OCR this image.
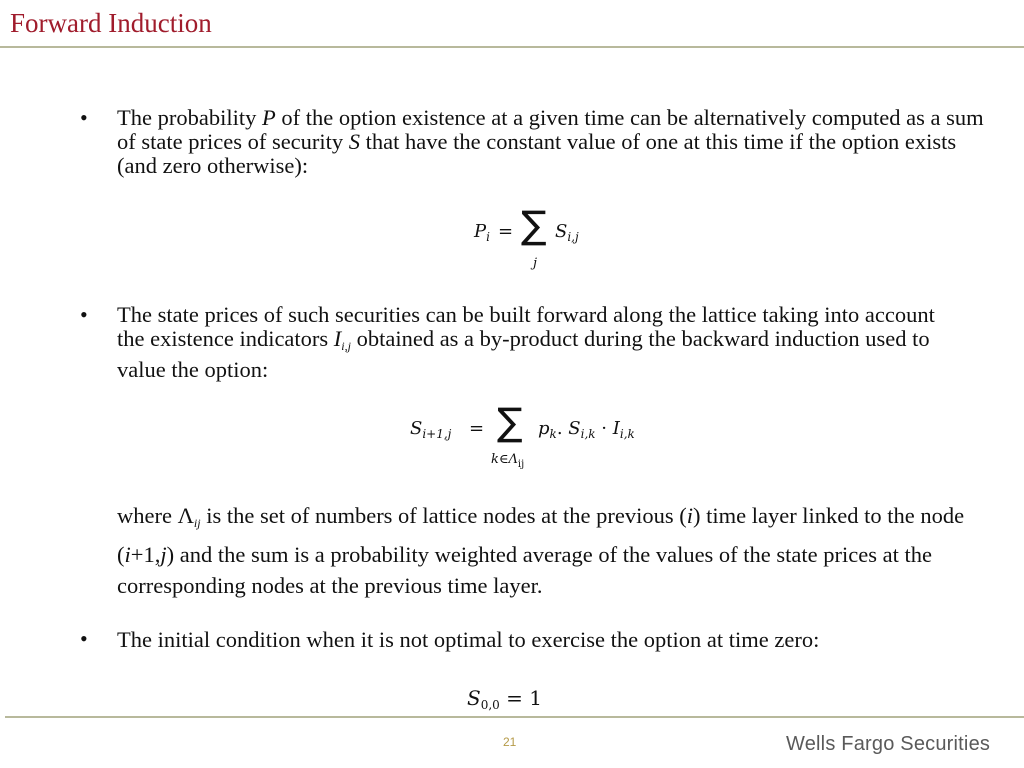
Forward Induction
• The probability P of the option existence at a given time can be alternatively computed as a sum of state prices of security S that have the constant value of one at this time if the option exists (and zero otherwise):
$P_i$ = ∑
j
$S_{i,j}$
• The state prices of such securities can be built forward along the lattice taking into account the existence indicators $I_{i,j}$ obtained as a by-product during the backward induction used to value the option:
$S_{i+1,j}$ = ∑
$k\in\Lambda_{ij}$
$p_k$. $S_{i,k} \cdot I_{i,k}$
where $\Lambda_{ij}$ is the set of numbers of lattice nodes at the previous (i) time layer linked to the node (i+1,j) and the sum is a probability weighted average of the values of the state prices at the corresponding nodes at the previous time layer.
• The initial condition when it is not optimal to exercise the option at time zero:
$S_{0,0} = 1$
21	Wells Fargo Securities
